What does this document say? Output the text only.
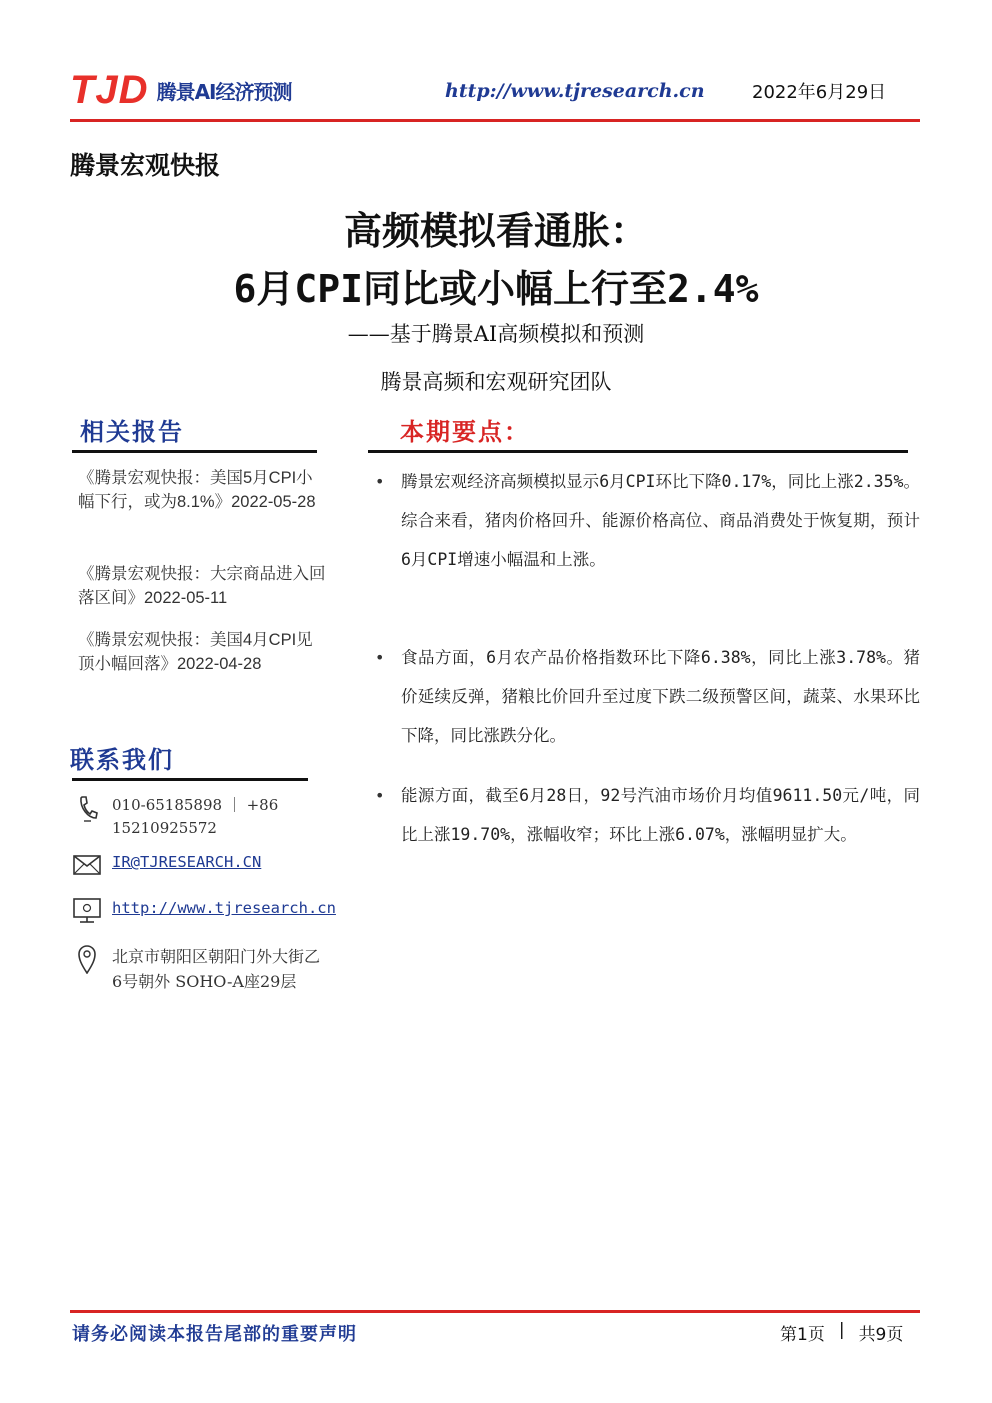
TJD 腾景AI经济预测	http://www.tjresearch.cn	2022年6月29日
腾景宏观快报
高频模拟看通胀：
6月CPI同比或小幅上行至2.4%
——基于腾景AI高频模拟和预测
腾景高频和宏观研究团队
相关报告
《腾景宏观快报：美国5月CPI小幅下行，或为8.1%》2022-05-28
《腾景宏观快报：大宗商品进入回落区间》2022-05-11
《腾景宏观快报：美国4月CPI见顶小幅回落》2022-04-28
联系我们
010-65185898 ｜ +86
15210925572
IR@TJRESEARCH.CN
http://www.tjresearch.cn
北京市朝阳区朝阳门外大街乙
6号朝外 SOHO-A座29层
本期要点：
•	腾景宏观经济高频模拟显示6月CPI环比下降0.17%，同比上涨2.35%。综合来看，猪肉价格回升、能源价格高位、商品消费处于恢复期，预计6月CPI增速小幅温和上涨。
•	食品方面，6月农产品价格指数环比下降6.38%，同比上涨3.78%。猪价延续反弹，猪粮比价回升至过度下跌二级预警区间，蔬菜、水果环比下降，同比涨跌分化。
•	能源方面，截至6月28日，92号汽油市场价月均值9611.50元/吨，同比上涨19.70%，涨幅收窄；环比上涨6.07%，涨幅明显扩大。
请务必阅读本报告尾部的重要声明	第1页 | 共9页
